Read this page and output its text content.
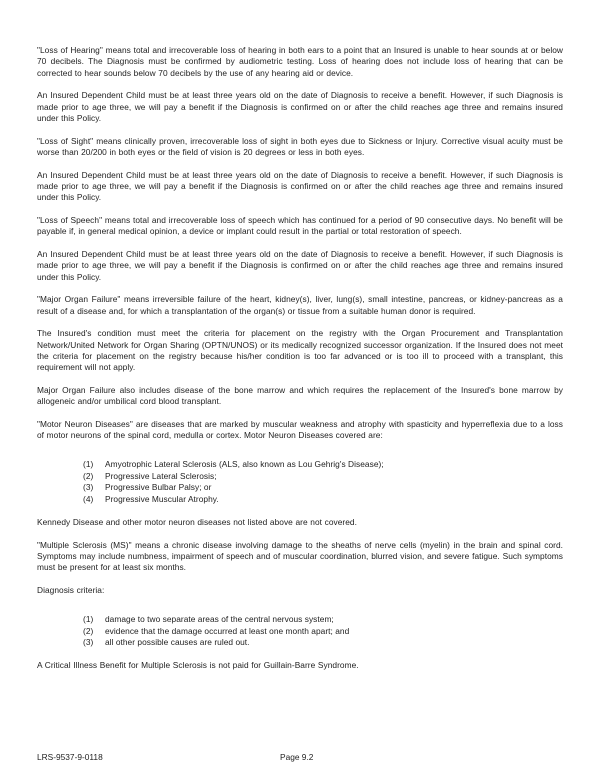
"Loss of Hearing" means total and irrecoverable loss of hearing in both ears to a point that an Insured is unable to hear sounds at or below 70 decibels. The Diagnosis must be confirmed by audiometric testing. Loss of hearing does not include loss of hearing that can be corrected to hear sounds below 70 decibels by the use of any hearing aid or device.

An Insured Dependent Child must be at least three years old on the date of Diagnosis to receive a benefit. However, if such Diagnosis is made prior to age three, we will pay a benefit if the Diagnosis is confirmed on or after the child reaches age three and remains insured under this Policy.

"Loss of Sight" means clinically proven, irrecoverable loss of sight in both eyes due to Sickness or Injury. Corrective visual acuity must be worse than 20/200 in both eyes or the field of vision is 20 degrees or less in both eyes.

An Insured Dependent Child must be at least three years old on the date of Diagnosis to receive a benefit. However, if such Diagnosis is made prior to age three, we will pay a benefit if the Diagnosis is confirmed on or after the child reaches age three and remains insured under this Policy.

"Loss of Speech" means total and irrecoverable loss of speech which has continued for a period of 90 consecutive days. No benefit will be payable if, in general medical opinion, a device or implant could result in the partial or total restoration of speech.

An Insured Dependent Child must be at least three years old on the date of Diagnosis to receive a benefit. However, if such Diagnosis is made prior to age three, we will pay a benefit if the Diagnosis is confirmed on or after the child reaches age three and remains insured under this Policy.

"Major Organ Failure" means irreversible failure of the heart, kidney(s), liver, lung(s), small intestine, pancreas, or kidney-pancreas as a result of a disease and, for which a transplantation of the organ(s) or tissue from a suitable human donor is required.

The Insured's condition must meet the criteria for placement on the registry with the Organ Procurement and Transplantation Network/United Network for Organ Sharing (OPTN/UNOS) or its medically recognized successor organization. If the Insured does not meet the criteria for placement on the registry because his/her condition is too far advanced or is too ill to proceed with a transplant, this requirement will not apply.

Major Organ Failure also includes disease of the bone marrow and which requires the replacement of the Insured's bone marrow by allogeneic and/or umbilical cord blood transplant.

"Motor Neuron Diseases" are diseases that are marked by muscular weakness and atrophy with spasticity and hyperreflexia due to a loss of motor neurons of the spinal cord, medulla or cortex. Motor Neuron Diseases covered are:

(1)	Amyotrophic Lateral Sclerosis (ALS, also known as Lou Gehrig's Disease);
(2)	Progressive Lateral Sclerosis;
(3)	Progressive Bulbar Palsy; or
(4)	Progressive Muscular Atrophy.

Kennedy Disease and other motor neuron diseases not listed above are not covered.

"Multiple Sclerosis (MS)" means a chronic disease involving damage to the sheaths of nerve cells (myelin) in the brain and spinal cord. Symptoms may include numbness, impairment of speech and of muscular coordination, blurred vision, and severe fatigue. Such symptoms must be present for at least six months.

Diagnosis criteria:

(1)	damage to two separate areas of the central nervous system;
(2)	evidence that the damage occurred at least one month apart; and
(3)	all other possible causes are ruled out.

A Critical Illness Benefit for Multiple Sclerosis is not paid for Guillain-Barre Syndrome.

LRS-9537-9-0118	Page 9.2
